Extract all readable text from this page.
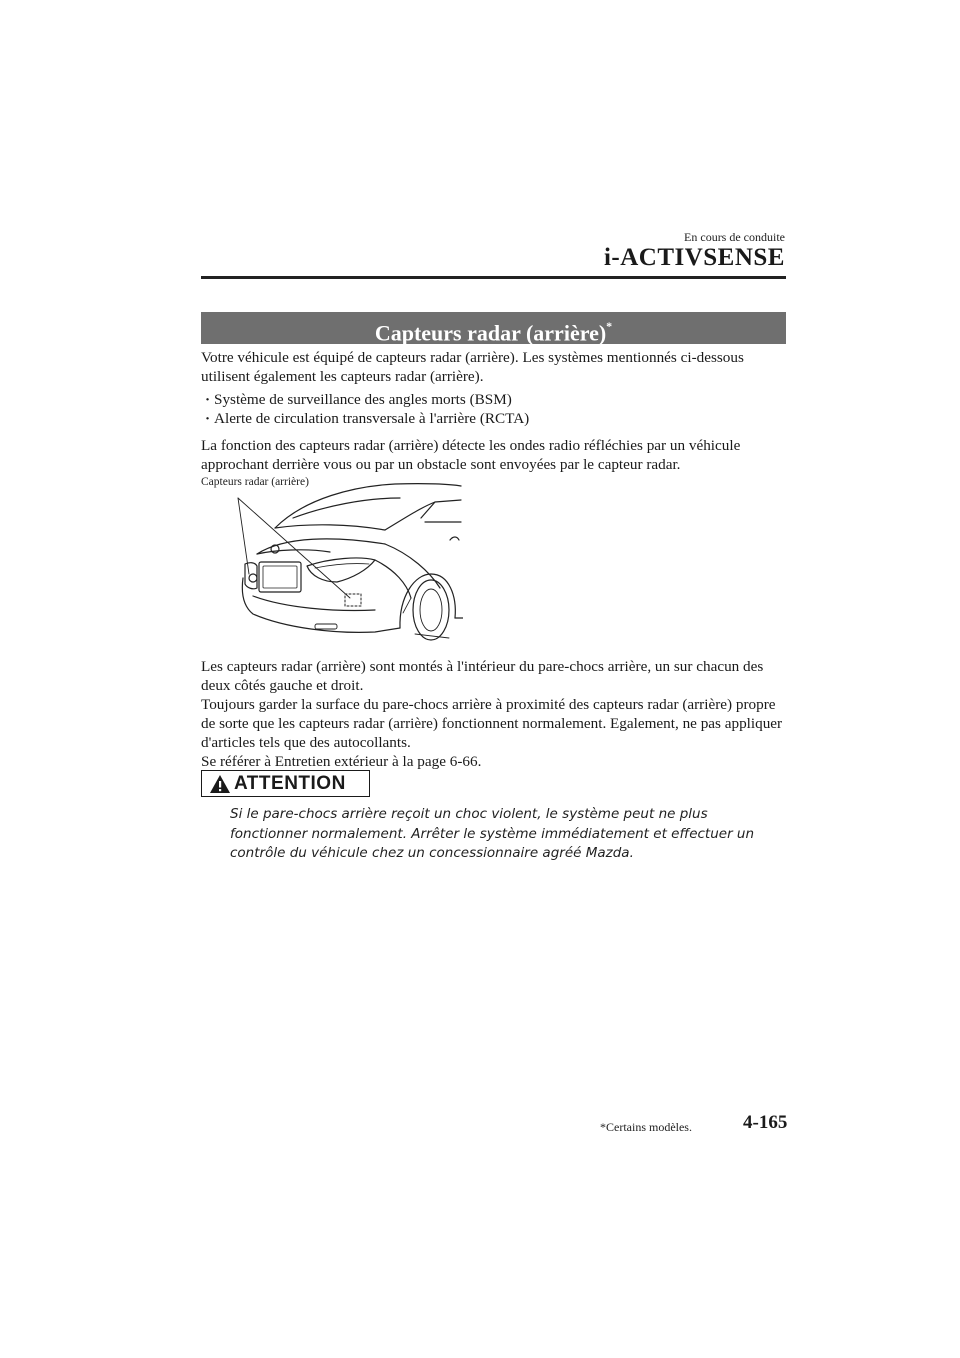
En cours de conduite
i-ACTIVSENSE
Capteurs radar (arrière)*

Votre véhicule est équipé de capteurs radar (arrière). Les systèmes mentionnés ci-dessous utilisent également les capteurs radar (arrière).

· Système de surveillance des angles morts (BSM)
· Alerte de circulation transversale à l'arrière (RCTA)

La fonction des capteurs radar (arrière) détecte les ondes radio réfléchies par un véhicule approchant derrière vous ou par un obstacle sont envoyées par le capteur radar.

Capteurs radar (arrière)

Les capteurs radar (arrière) sont montés à l'intérieur du pare-chocs arrière, un sur chacun des deux côtés gauche et droit.

Toujours garder la surface du pare-chocs arrière à proximité des capteurs radar (arrière) propre de sorte que les capteurs radar (arrière) fonctionnent normalement. Egalement, ne pas appliquer d'articles tels que des autocollants.

Se référer à Entretien extérieur à la page 6-66.

ATTENTION

Si le pare-chocs arrière reçoit un choc violent, le système peut ne plus fonctionner normalement. Arrêter le système immédiatement et effectuer un contrôle du véhicule chez un concessionnaire agréé Mazda.

*Certains modèles.	4-165
